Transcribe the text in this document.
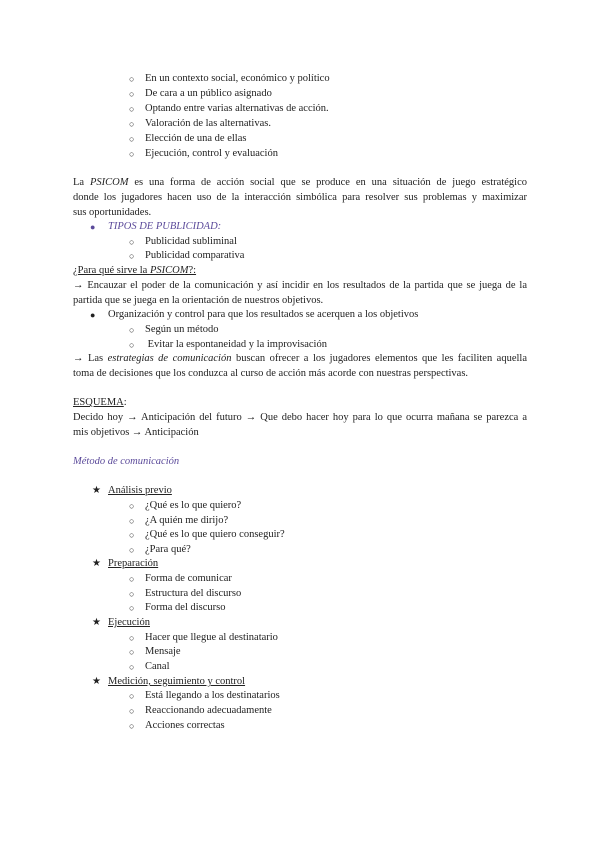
○ En un contexto social, económico y político
○ De cara a un público asignado
○ Optando entre varias alternativas de acción.
○ Valoración de las alternativas.
○ Elección de una de ellas
○ Ejecución, control y evaluación
La PSICOM es una forma de acción social que se produce en una situación de juego estratégico
donde los jugadores hacen uso de la interacción simbólica para resolver sus problemas y maximizar
sus oportunidades.
● TIPOS DE PUBLICIDAD:
○ Publicidad subliminal
○ Publicidad comparativa
¿Para qué sirve la PSICOM?:
→ Encauzar el poder de la comunicación y así incidir en los resultados de la partida que se juega de la
partida que se juega en la orientación de nuestros objetivos.
● Organización y control para que los resultados se acerquen a los objetivos
○ Según un método
○ Evitar la espontaneidad y la improvisación
→ Las estrategias de comunicación buscan ofrecer a los jugadores elementos que les faciliten aquella
toma de decisiones que los conduzca al curso de acción más acorde con nuestras perspectivas.
ESQUEMA:
Decido hoy → Anticipación del futuro → Que debo hacer hoy para lo que ocurra mañana se parezca a
mis objetivos → Anticipación
Método de comunicación
★ Análisis previo
○ ¿Qué es lo que quiero?
○ ¿A quién me dirijo?
○ ¿Qué es lo que quiero conseguir?
○ ¿Para qué?
★ Preparación
○ Forma de comunicar
○ Estructura del discurso
○ Forma del discurso
★ Ejecución
○ Hacer que llegue al destinatario
○ Mensaje
○ Canal
★ Medición, seguimiento y control
○ Está llegando a los destinatarios
○ Reaccionando adecuadamente
○ Acciones correctas
